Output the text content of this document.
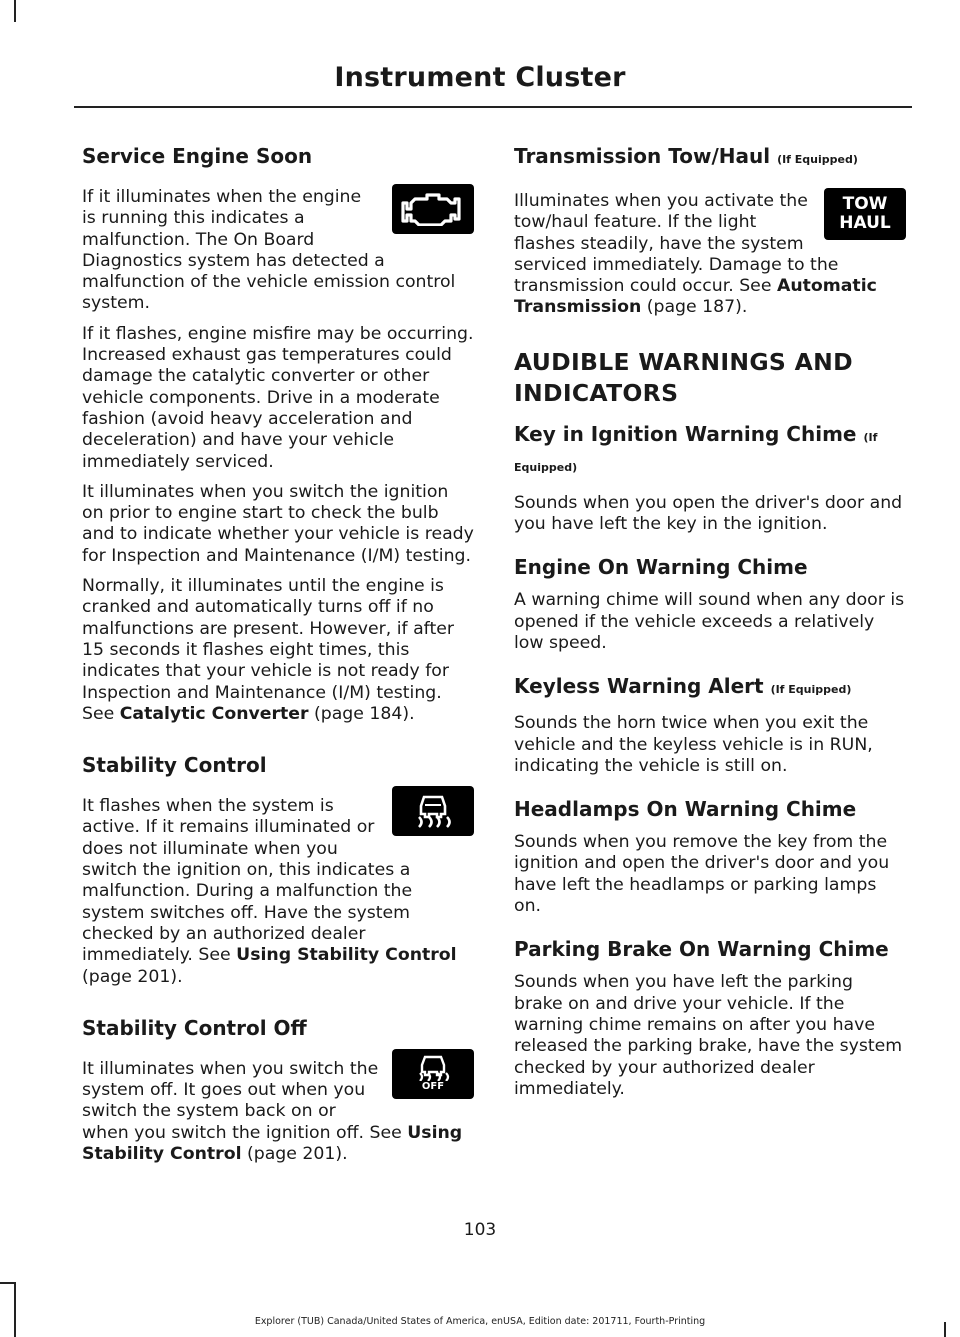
Instrument Cluster
Service Engine Soon

If it illuminates when the engine is running this indicates a malfunction. The On Board Diagnostics system has detected a malfunction of the vehicle emission control system.

If it flashes, engine misfire may be occurring. Increased exhaust gas temperatures could damage the catalytic converter or other vehicle components. Drive in a moderate fashion (avoid heavy acceleration and deceleration) and have your vehicle immediately serviced.

It illuminates when you switch the ignition on prior to engine start to check the bulb and to indicate whether your vehicle is ready for Inspection and Maintenance (I/M) testing.

Normally, it illuminates until the engine is cranked and automatically turns off if no malfunctions are present. However, if after 15 seconds it flashes eight times, this indicates that your vehicle is not ready for Inspection and Maintenance (I/M) testing. See Catalytic Converter (page 184).

Stability Control

It flashes when the system is active. If it remains illuminated or does not illuminate when you switch the ignition on, this indicates a malfunction. During a malfunction the system switches off. Have the system checked by an authorized dealer immediately. See Using Stability Control (page 201).

Stability Control Off
OFF

It illuminates when you switch the system off. It goes out when you switch the system back on or when you switch the ignition off. See Using Stability Control (page 201).

Transmission Tow/Haul (If Equipped)
TOW
HAUL

Illuminates when you activate the tow/haul feature. If the light flashes steadily, have the system serviced immediately. Damage to the transmission could occur. See Automatic Transmission (page 187).

AUDIBLE WARNINGS AND
INDICATORS
Key in Ignition Warning Chime (If
Equipped)

Sounds when you open the driver's door and you have left the key in the ignition.

Engine On Warning Chime

A warning chime will sound when any door is opened if the vehicle exceeds a relatively low speed.

Keyless Warning Alert (If Equipped)

Sounds the horn twice when you exit the vehicle and the keyless vehicle is in RUN, indicating the vehicle is still on.

Headlamps On Warning Chime

Sounds when you remove the key from the ignition and open the driver's door and you have left the headlamps or parking lamps on.

Parking Brake On Warning Chime

Sounds when you have left the parking brake on and drive your vehicle. If the warning chime remains on after you have released the parking brake, have the system checked by your authorized dealer immediately.

103
Explorer (TUB) Canada/United States of America, enUSA, Edition date: 201711, Fourth-Printing
